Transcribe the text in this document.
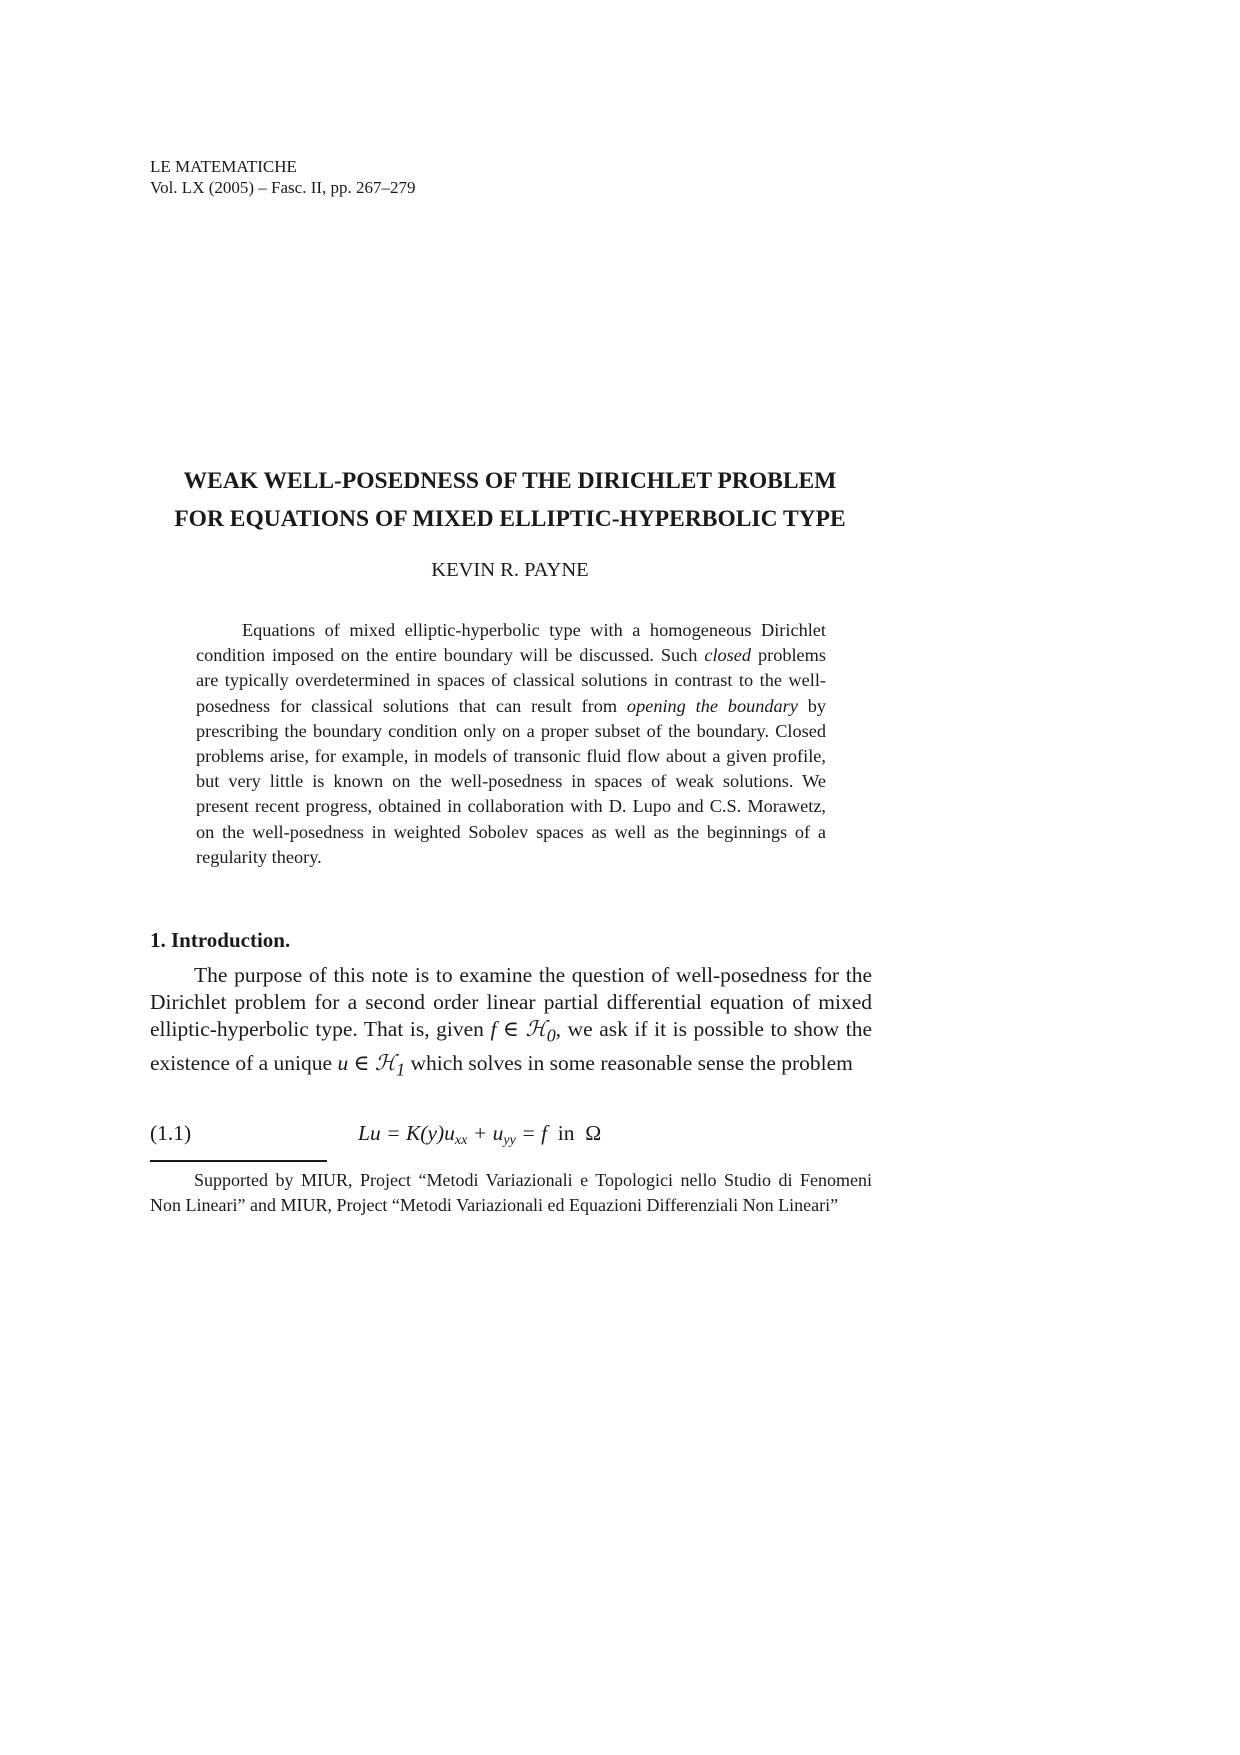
LE MATEMATICHE
Vol. LX (2005) – Fasc. II, pp. 267–279
WEAK WELL-POSEDNESS OF THE DIRICHLET PROBLEM
FOR EQUATIONS OF MIXED ELLIPTIC-HYPERBOLIC TYPE
KEVIN R. PAYNE

Equations of mixed elliptic-hyperbolic type with a homogeneous Dirichlet condition imposed on the entire boundary will be discussed. Such closed problems are typically overdetermined in spaces of classical solutions in contrast to the well-posedness for classical solutions that can result from opening the boundary by prescribing the boundary condition only on a proper subset of the boundary. Closed problems arise, for example, in models of transonic fluid flow about a given profile, but very little is known on the well-posedness in spaces of weak solutions. We present recent progress, obtained in collaboration with D. Lupo and C.S. Morawetz, on the well-posedness in weighted Sobolev spaces as well as the beginnings of a regularity theory.

1. Introduction.

The purpose of this note is to examine the question of well-posedness for the Dirichlet problem for a second order linear partial differential equation of mixed elliptic-hyperbolic type. That is, given f ∈ ℋ$_0$, we ask if it is possible to show the existence of a unique u ∈ ℋ$_1$ which solves in some reasonable sense the problem

(1.1)	$Lu = K(y)u_{xx} + u_{yy} = f$  in  Ω

Supported by MIUR, Project “Metodi Variazionali e Topologici nello Studio di Fenomeni Non Lineari” and MIUR, Project “Metodi Variazionali ed Equazioni Differenziali Non Lineari”
